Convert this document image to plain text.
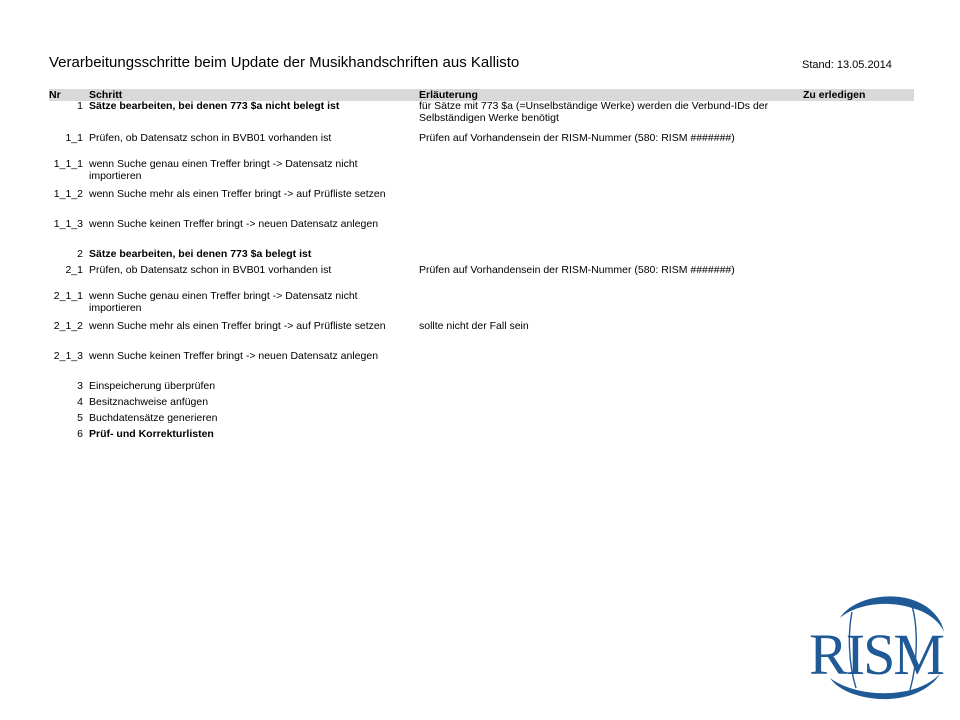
Verarbeitungsschritte beim Update der Musikhandschriften aus Kallisto	Stand: 13.05.2014
Nr	Schritt	Erläuterung	Zu erledigen
1	Sätze bearbeiten, bei denen 773 $a nicht belegt ist	für Sätze mit 773 $a (=Unselbständige Werke) werden die Verbund-IDs der Selbständigen Werke benötigt	
1_1	Prüfen, ob Datensatz schon in BVB01 vorhanden ist	Prüfen auf Vorhandensein der RISM-Nummer (580: RISM #######)	
1_1_1	wenn Suche genau einen Treffer bringt -> Datensatz nicht importieren		
1_1_2	wenn Suche mehr als einen Treffer bringt -> auf Prüfliste setzen		
1_1_3	wenn Suche keinen Treffer bringt -> neuen Datensatz anlegen		
2	Sätze bearbeiten, bei denen 773 $a belegt ist		
2_1	Prüfen, ob Datensatz schon in BVB01 vorhanden ist	Prüfen auf Vorhandensein der RISM-Nummer (580: RISM #######)	
2_1_1	wenn Suche genau einen Treffer bringt -> Datensatz nicht importieren		
2_1_2	wenn Suche mehr als einen Treffer bringt -> auf Prüfliste setzen	sollte nicht der Fall sein	
2_1_3	wenn Suche keinen Treffer bringt -> neuen Datensatz anlegen		
3	Einspeicherung überprüfen		
4	Besitznachweise anfügen		
5	Buchdatensätze generieren		
6	Prüf- und Korrekturlisten		
RISM
